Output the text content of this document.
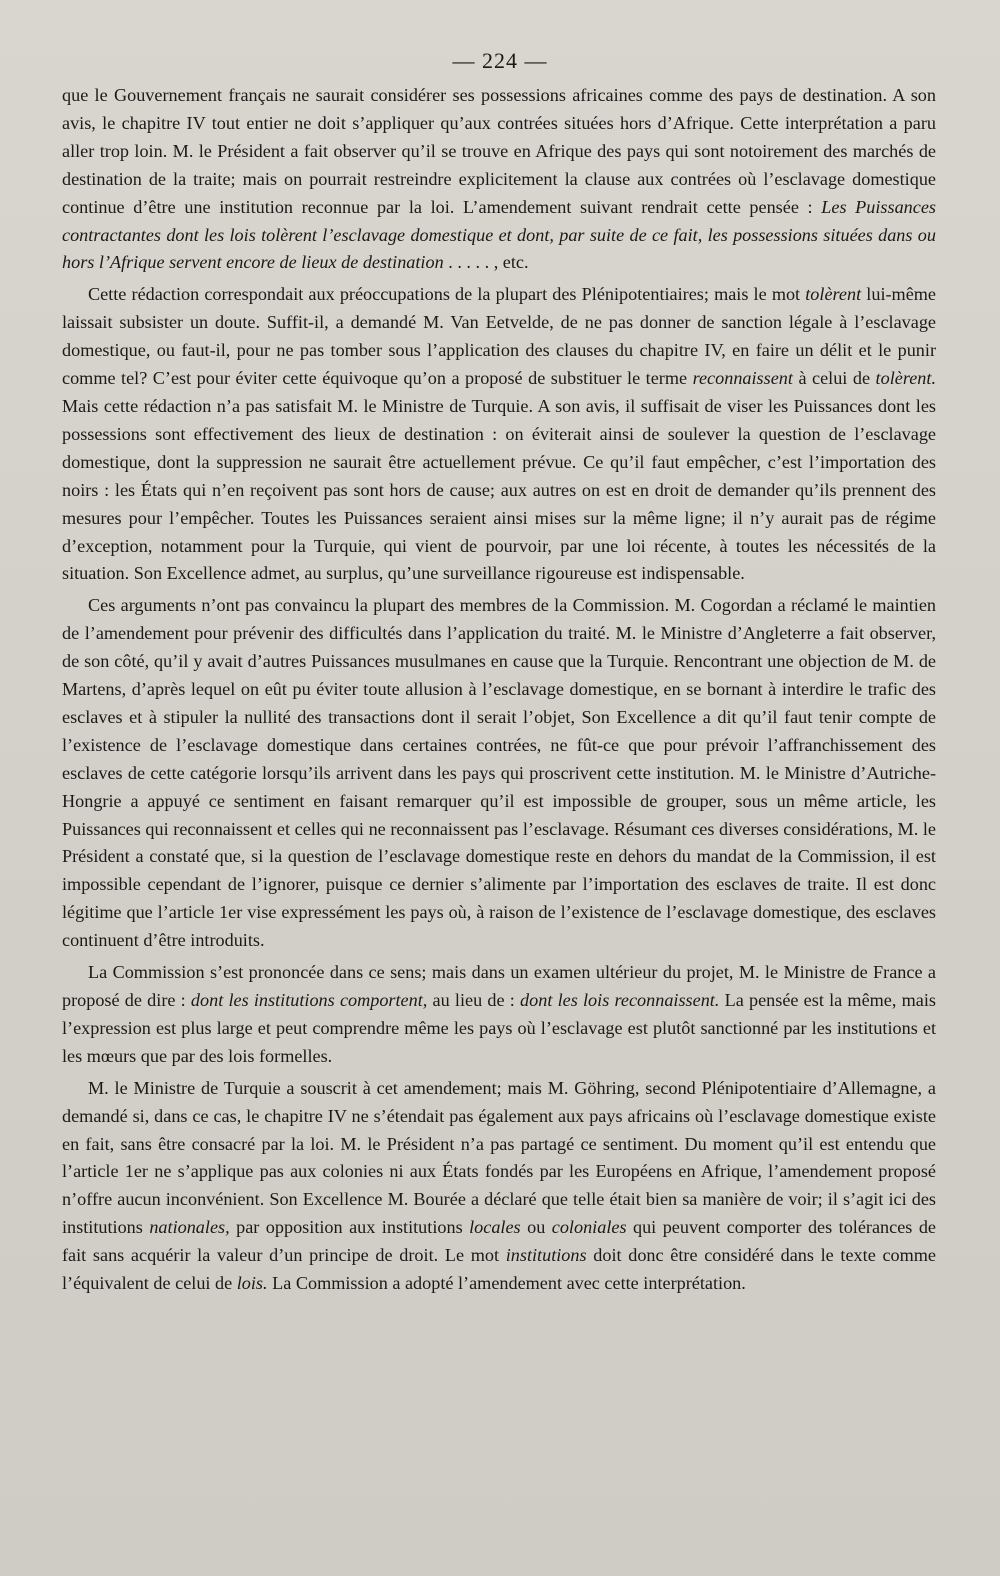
— 224 —

que le Gouvernement français ne saurait considérer ses possessions africaines comme des pays de destination. A son avis, le chapitre IV tout entier ne doit s’appliquer qu’aux contrées situées hors d’Afrique. Cette interprétation a paru aller trop loin. M. le Président a fait observer qu’il se trouve en Afrique des pays qui sont notoirement des marchés de destination de la traite; mais on pourrait restreindre explicitement la clause aux contrées où l’esclavage domestique continue d’être une institution reconnue par la loi. L’amendement suivant rendrait cette pensée : Les Puissances contractantes dont les lois tolèrent l’esclavage domestique et dont, par suite de ce fait, les possessions situées dans ou hors l’Afrique servent encore de lieux de destination . . . . . , etc.

Cette rédaction correspondait aux préoccupations de la plupart des Plénipotentiaires; mais le mot tolèrent lui-même laissait subsister un doute. Suffit-il, a demandé M. Van Eetvelde, de ne pas donner de sanction légale à l’esclavage domestique, ou faut-il, pour ne pas tomber sous l’application des clauses du chapitre IV, en faire un délit et le punir comme tel? C’est pour éviter cette équivoque qu’on a proposé de substituer le terme reconnaissent à celui de tolèrent. Mais cette rédaction n’a pas satisfait M. le Ministre de Turquie. A son avis, il suffisait de viser les Puissances dont les possessions sont effectivement des lieux de destination : on éviterait ainsi de soulever la question de l’esclavage domestique, dont la suppression ne saurait être actuellement prévue. Ce qu’il faut empêcher, c’est l’importation des noirs : les États qui n’en reçoivent pas sont hors de cause; aux autres on est en droit de demander qu’ils prennent des mesures pour l’empêcher. Toutes les Puissances seraient ainsi mises sur la même ligne; il n’y aurait pas de régime d’exception, notamment pour la Turquie, qui vient de pourvoir, par une loi récente, à toutes les nécessités de la situation. Son Excellence admet, au surplus, qu’une surveillance rigoureuse est indispensable.

Ces arguments n’ont pas convaincu la plupart des membres de la Commission. M. Cogordan a réclamé le maintien de l’amendement pour prévenir des difficultés dans l’application du traité. M. le Ministre d’Angleterre a fait observer, de son côté, qu’il y avait d’autres Puissances musulmanes en cause que la Turquie. Rencontrant une objection de M. de Martens, d’après lequel on eût pu éviter toute allusion à l’esclavage domestique, en se bornant à interdire le trafic des esclaves et à stipuler la nullité des transactions dont il serait l’objet, Son Excellence a dit qu’il faut tenir compte de l’existence de l’esclavage domestique dans certaines contrées, ne fût-ce que pour prévoir l’affranchissement des esclaves de cette catégorie lorsqu’ils arrivent dans les pays qui proscrivent cette institution. M. le Ministre d’Autriche-Hongrie a appuyé ce sentiment en faisant remarquer qu’il est impossible de grouper, sous un même article, les Puissances qui reconnaissent et celles qui ne reconnaissent pas l’esclavage. Résumant ces diverses considérations, M. le Président a constaté que, si la question de l’esclavage domestique reste en dehors du mandat de la Commission, il est impossible cependant de l’ignorer, puisque ce dernier s’alimente par l’importation des esclaves de traite. Il est donc légitime que l’article 1er vise expressément les pays où, à raison de l’existence de l’esclavage domestique, des esclaves continuent d’être introduits.

La Commission s’est prononcée dans ce sens; mais dans un examen ultérieur du projet, M. le Ministre de France a proposé de dire : dont les institutions comportent, au lieu de : dont les lois reconnaissent. La pensée est la même, mais l’expression est plus large et peut comprendre même les pays où l’esclavage est plutôt sanctionné par les institutions et les mœurs que par des lois formelles.

M. le Ministre de Turquie a souscrit à cet amendement; mais M. Göhring, second Plénipotentiaire d’Allemagne, a demandé si, dans ce cas, le chapitre IV ne s’étendait pas également aux pays africains où l’esclavage domestique existe en fait, sans être consacré par la loi. M. le Président n’a pas partagé ce sentiment. Du moment qu’il est entendu que l’article 1er ne s’applique pas aux colonies ni aux États fondés par les Européens en Afrique, l’amendement proposé n’offre aucun inconvénient. Son Excellence M. Bourée a déclaré que telle était bien sa manière de voir; il s’agit ici des institutions nationales, par opposition aux institutions locales ou coloniales qui peuvent comporter des tolérances de fait sans acquérir la valeur d’un principe de droit. Le mot institutions doit donc être considéré dans le texte comme l’équivalent de celui de lois. La Commission a adopté l’amendement avec cette interprétation.
